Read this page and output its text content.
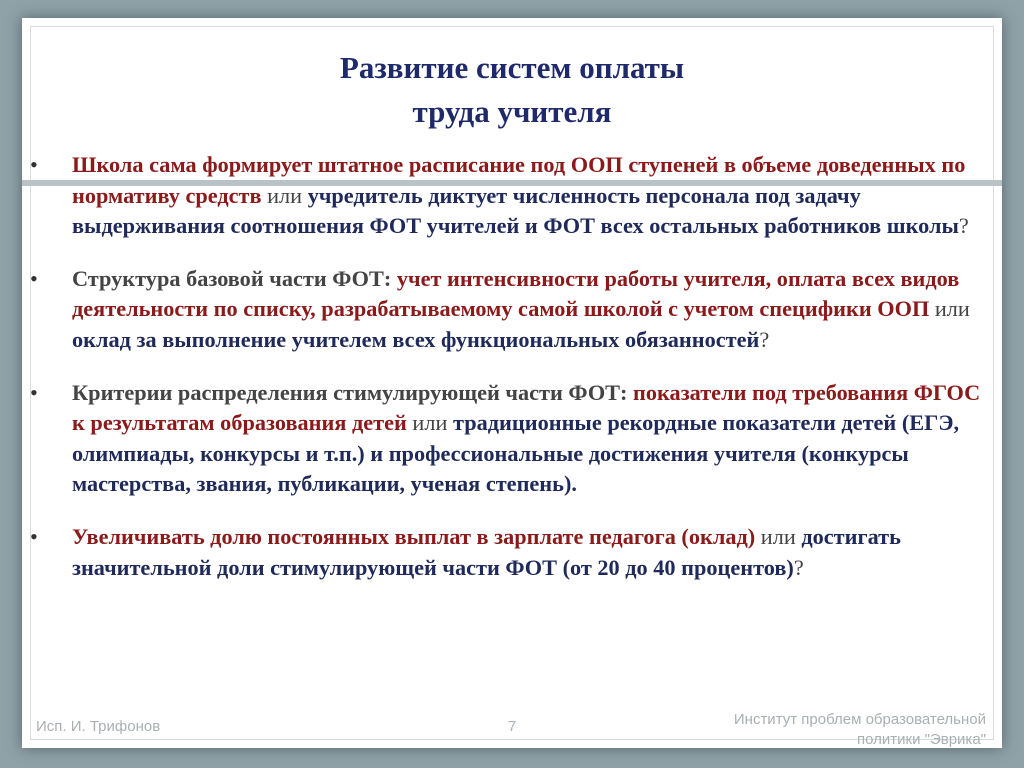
Развитие систем оплаты
труда учителя
• Школа сама формирует штатное расписание под ООП ступеней в объеме доведенных по нормативу средств или учредитель диктует численность персонала под задачу выдерживания соотношения ФОТ учителей и ФОТ всех остальных работников школы?
• Структура базовой части ФОТ: учет интенсивности работы учителя, оплата всех видов деятельности по списку, разрабатываемому самой школой с учетом специфики ООП или оклад за выполнение учителем всех функциональных обязанностей?
• Критерии распределения стимулирующей части ФОТ: показатели под требования ФГОС к результатам образования детей или традиционные рекордные показатели детей (ЕГЭ, олимпиады, конкурсы и т.п.) и профессиональные достижения учителя (конкурсы мастерства, звания, публикации, ученая степень).
• Увеличивать долю постоянных выплат в зарплате педагога (оклад) или достигать значительной доли стимулирующей части ФОТ (от 20 до 40 процентов)?
Исп. И. Трифонов	7	Институт проблем образовательной
политики "Эврика"
